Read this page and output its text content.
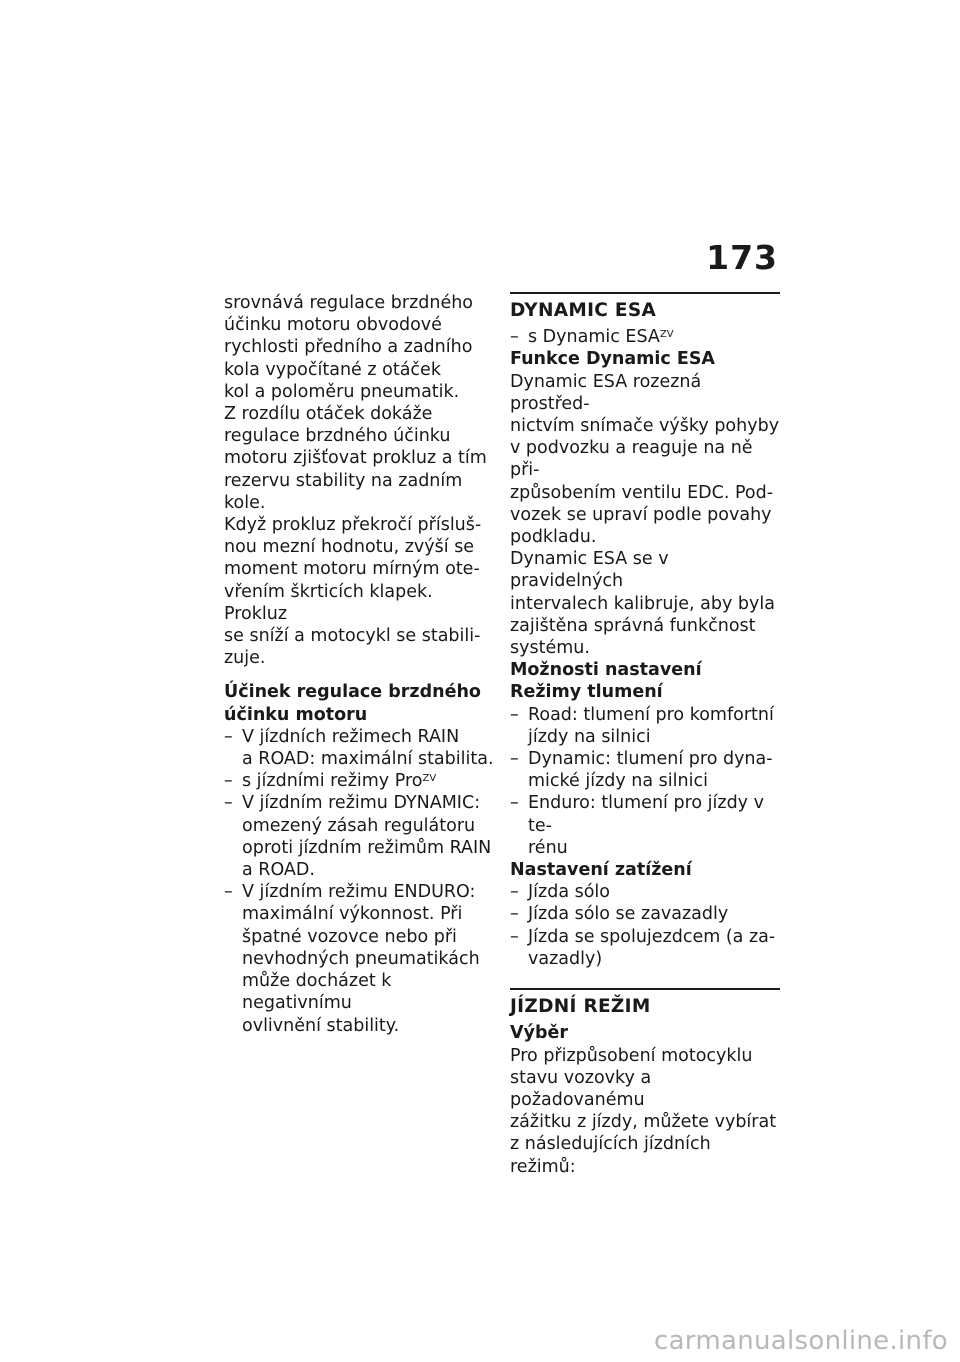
173

srovnává regulace brzdného

účinku motoru obvodové

rychlosti předního a zadního

kola vypočítané z otáček

kol a poloměru pneumatik.

Z rozdílu otáček dokáže

regulace brzdného účinku

motoru zjišťovat prokluz a tím

rezervu stability na zadním kole.

Když prokluz překročí přísluš-

nou mezní hodnotu, zvýší se

moment motoru mírným ote-

vřením škrticích klapek. Prokluz

se sníží a motocykl se stabili-

zuje.

Účinek regulace brzdného

účinku motoru

– V jízdních režimech RAIN

a ROAD: maximální stabilita.

– s jízdními režimy Pro$^{ZV}$

– V jízdním režimu DYNAMIC:

omezený zásah regulátoru

oproti jízdním režimům RAIN

a ROAD.

– V jízdním režimu ENDURO:

maximální výkonnost. Při

špatné vozovce nebo při

nevhodných pneumatikách

může docházet k negativnímu

ovlivnění stability.

DYNAMIC ESA
– s Dynamic $ESA^{ZV}$

Funkce Dynamic ESA

Dynamic ESA rozezná prostřed-

nictvím snímače výšky pohyby

v podvozku a reaguje na ně při-

způsobením ventilu EDC. Pod-

vozek se upraví podle povahy

podkladu.

Dynamic ESA se v pravidelných

intervalech kalibruje, aby byla

zajištěna správná funkčnost

systému.

Možnosti nastavení

Režimy tlumení

– Road: tlumení pro komfortní

jízdy na silnici

– Dynamic: tlumení pro dyna-

mické jízdy na silnici

– Enduro: tlumení pro jízdy v te-

rénu

Nastavení zatížení

– Jízda sólo

– Jízda sólo se zavazadly

– Jízda se spolujezdcem (a za-

vazadly)

JÍZDNÍ REŽIM

Výběr

Pro přizpůsobení motocyklu

stavu vozovky a požadovanému

zážitku z jízdy, můžete vybírat

z následujících jízdních režimů:

carmanualsonline.info
